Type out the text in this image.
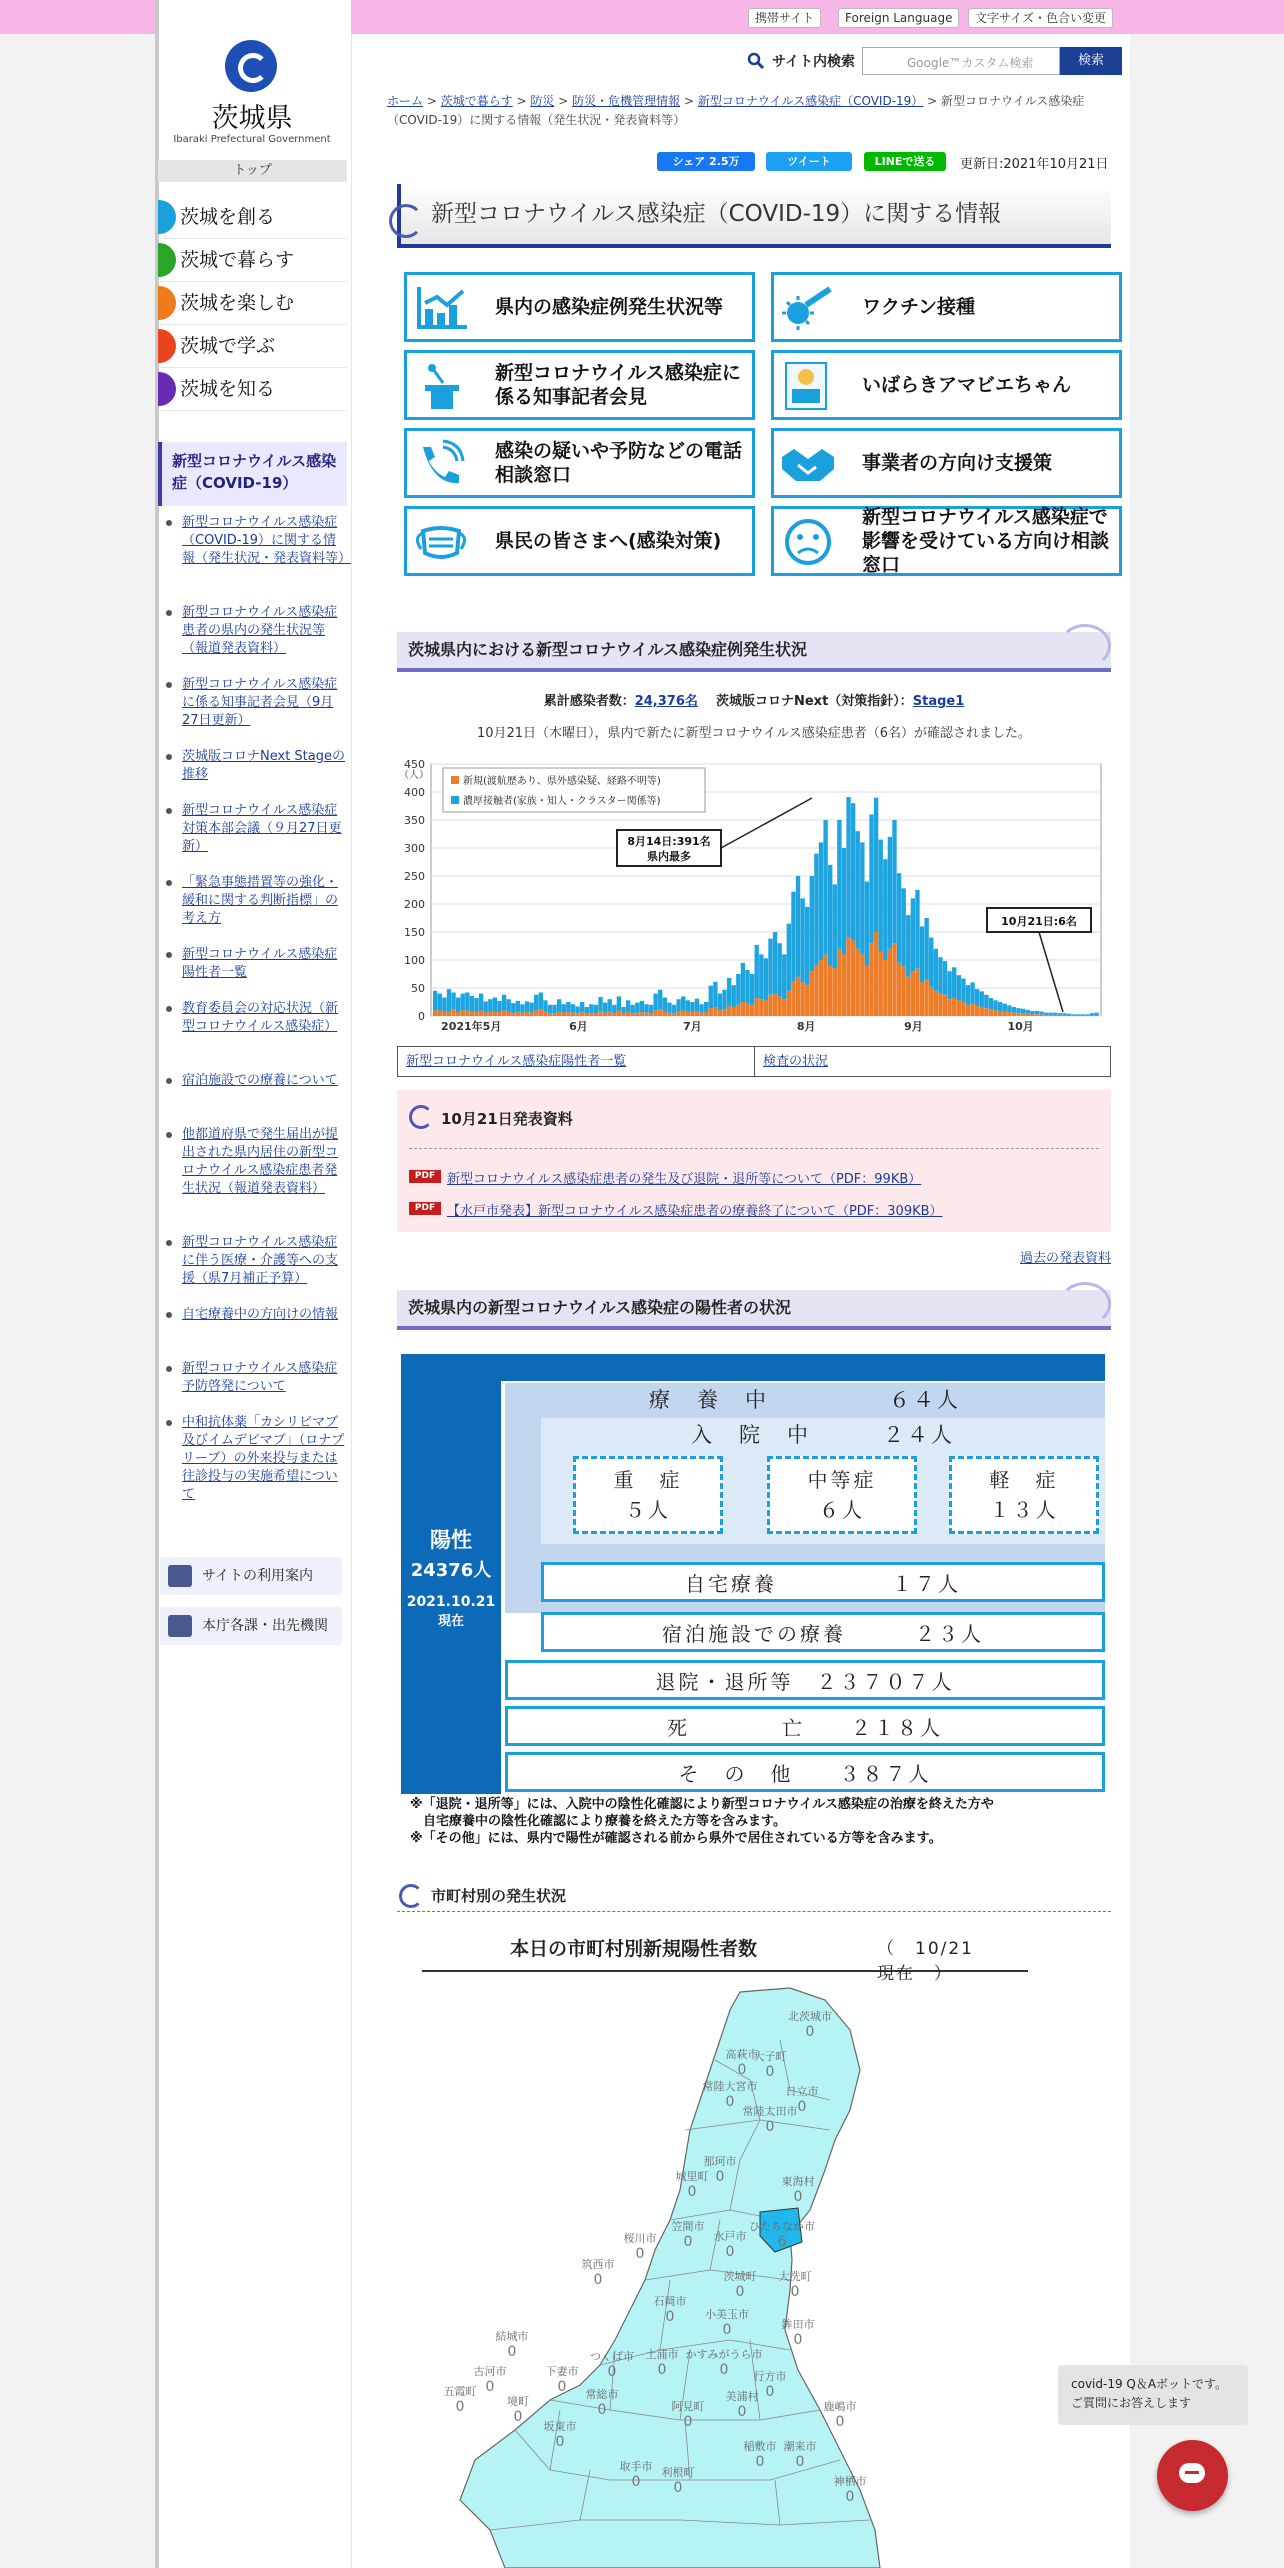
携帯サイト	Foreign Language	文字サイズ・色合い変更
茨城県
Ibaraki Prefectural Government
トップ
茨城を創る
茨城で暮らす
茨城を楽しむ
茨城で学ぶ
茨城を知る
新型コロナウイルス感染症（COVID-19）
新型コロナウイルス感染症（COVID-19）に関する情報（発生状況・発表資料等）
新型コロナウイルス感染症患者の県内の発生状況等（報道発表資料）
新型コロナウイルス感染症に係る知事記者会見（9月27日更新）
茨城版コロナNext Stageの推移
新型コロナウイルス感染症対策本部会議（９月27日更新）
「緊急事態措置等の強化・緩和に関する判断指標」の考え方
新型コロナウイルス感染症陽性者一覧
教育委員会の対応状況（新型コロナウイルス感染症）
宿泊施設での療養について
他都道府県で発生届出が提出された県内居住の新型コロナウイルス感染症患者発生状況（報道発表資料）
新型コロナウイルス感染症に伴う医療・介護等への支援（県7月補正予算）
自宅療養中の方向けの情報
新型コロナウイルス感染症予防啓発について
中和抗体薬「カシリビマブ及びイムデビマブ」（ロナプリーブ）の外来投与または往診投与の実施希望について
サイトの利用案内
本庁各課・出先機関
サイト内検索	Google™カスタム検索	検索
ホーム > 茨城で暮らす > 防災 > 防災・危機管理情報 > 新型コロナウイルス感染症（COVID-19） > 新型コロナウイルス感染症（COVID-19）に関する情報（発生状況・発表資料等）
シェア 2.5万	ツイート	LINEで送る	更新日:2021年10月21日
新型コロナウイルス感染症（COVID-19）に関する情報
県内の感染症例発生状況等	ワクチン接種
新型コロナウイルス感染症に係る知事記者会見
いばらきアマビエちゃん
感染の疑いや予防などの電話相談窓口
事業者の方向け支援策
県民の皆さまへ(感染対策)
新型コロナウイルス感染症で影響を受けている方向け相談窓口
茨城県内における新型コロナウイルス感染症例発生状況
累計感染者数：24,376名 茨城版コロナNext（対策指針）：Stage1
10月21日（木曜日），県内で新たに新型コロナウイルス感染症患者（6名）が確認されました。
0
50
100
150
200
250
300
350
400
450
（人）
2021年5月	6月	7月	8月	9月	10月
新規(渡航歴あり、県外感染疑、経路不明等)
濃厚接触者(家族・知人・クラスター関係等)
8月14日:391名
県内最多
10月21日:6名
新型コロナウイルス感染症陽性者一覧	検査の状況
10月21日発表資料
PDF 新型コロナウイルス感染症患者の発生及び退院・退所等について（PDF：99KB）
PDF 【水戸市発表】新型コロナウイルス感染症患者の療養終了について（PDF：309KB）
過去の発表資料
茨城県内の新型コロナウイルス感染症の陽性者の状況
陽性
24376人
2021.10.21
現在
療　養　中　　　　　６４人
入　院　中　　　２４人
重　症
５人
中等症
６人
軽　症
１３人
自宅療養　　　　　１７人
宿泊施設での療養　　　２３人
退院・退所等　２３７０７人
死　　　　亡　　２１８人
そ　の　他　　３８７人
※「退院・退所等」には、入院中の陰性化確認により新型コロナウイルス感染症の治療を終えた方や
　自宅療養中の陰性化確認により療養を終えた方等を含みます。
※「その他」には、県内で陽性が確認される前から県外で居住されている方等を含みます。
市町村別の発生状況
本日の市町村別新規陽性者数	（　10/21　　現在　）
北茨城市
0
大子町
0
高萩市
0
常陸大宮市
0
日立市
0
常陸太田市
0
那珂市
0	東海村
0
城里町
0
ひたちなか市
6
笠間市
0 水戸市
0
大洗町
0
桜川市
0
茨城町
0
筑西市
0
結城市
0
石岡市
0	小美玉市
0	鉾田市
0
古河市
0
下妻市
0
つくば市
0
土浦市
0
かすみがうら市
0 行方市
0
五霞町
0	境町
0
坂東市
0
常総市
0	阿見町
0
美浦村
0	鹿嶋市
0
神栖市
0
稲敷市
0
潮来市
0
取手市
0
利根町
0
covid-19 Q＆Aボットです。
ご質問にお答えします
